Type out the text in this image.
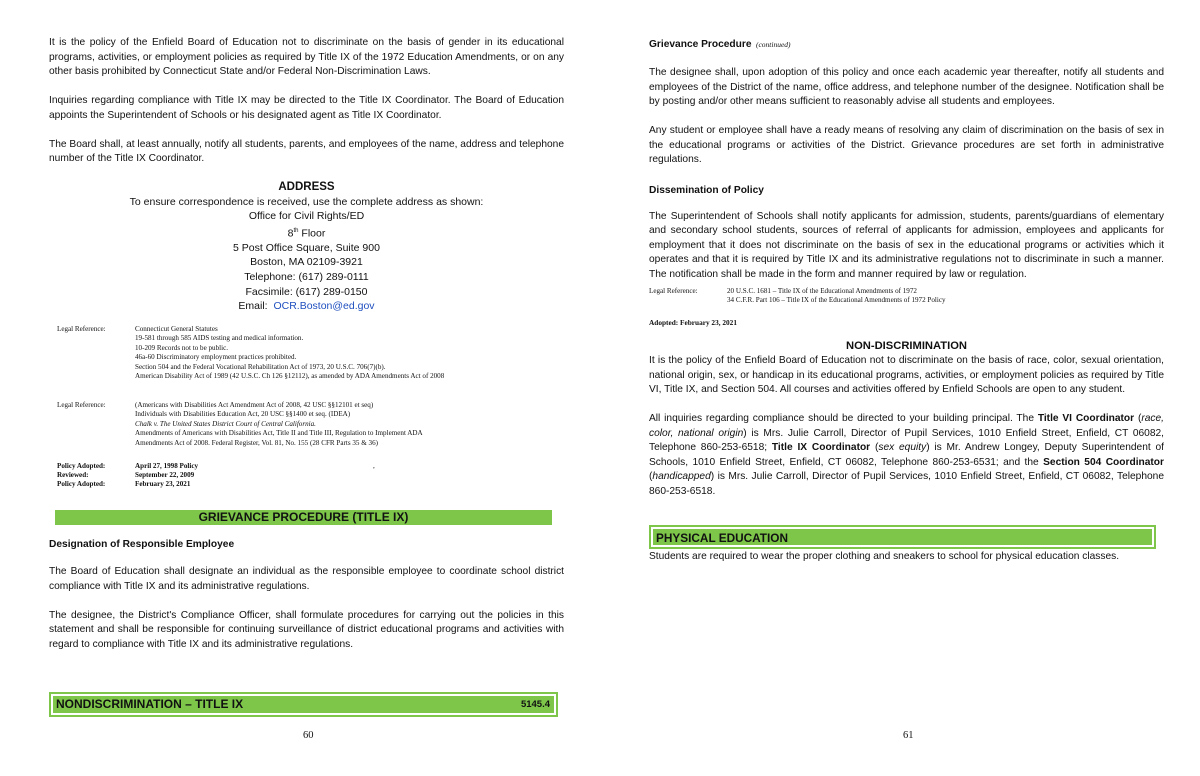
It is the policy of the Enfield Board of Education not to discriminate on the basis of gender in its educational programs, activities, or employment policies as required by Title IX of the 1972 Education Amendments, or on any other basis prohibited by Connecticut State and/or Federal Non-Discrimination Laws.

Inquiries regarding compliance with Title IX may be directed to the Title IX Coordinator. The Board of Education appoints the Superintendent of Schools or his designated agent as Title IX Coordinator.

The Board shall, at least annually, notify all students, parents, and employees of the name, address and telephone number of the Title IX Coordinator.

ADDRESS
To ensure correspondence is received, use the complete address as shown:
Office for Civil Rights/ED
8th Floor
5 Post Office Square, Suite 900
Boston, MA 02109-3921
Telephone: (617) 289-0111
Facsimile: (617) 289-0150
Email:  OCR.Boston@ed.gov
Legal Reference:	Connecticut General Statutes
19-581 through 585 AIDS testing and medical information.
10-209 Records not to be public.
46a-60 Discriminatory employment practices prohibited.
Section 504 and the Federal Vocational Rehabilitation Act of 1973, 20 U.S.C. 706(7)(b).
American Disability Act of 1989 (42 U.S.C. Ch 126 §12112), as amended by ADA Amendments Act of 2008
Legal Reference:	(Americans with Disabilities Act Amendment Act of 2008, 42 USC §§12101 et seq)
Individuals with Disabilities Education Act, 20 USC §§1400 et seq. (IDEA)
Chalk v. The United States District Court of Central California.
Amendments of Americans with Disabilities Act, Title II and Title III, Regulation to Implement ADA
Amendments Act of 2008. Federal Register, Vol. 81, No. 155 (28 CFR Parts 35 & 36)
Policy Adopted:	April 27, 1998 Policy	,
Reviewed:	September 22, 2009
Policy Adopted:	February 23, 2021
GRIEVANCE PROCEDURE (TITLE IX)
Designation of Responsible Employee

The Board of Education shall designate an individual as the responsible employee to coordinate school district compliance with Title IX and its administrative regulations.

The designee, the District's Compliance Officer, shall formulate procedures for carrying out the policies in this statement and shall be responsible for continuing surveillance of district educational programs and activities with regard to compliance with Title IX and its administrative regulations.

NONDISCRIMINATION – TITLE IX	5145.4
60
Grievance Procedure (continued)

The designee shall, upon adoption of this policy and once each academic year thereafter, notify all students and employees of the District of the name, office address, and telephone number of the designee. Notification shall be by posting and/or other means sufficient to reasonably advise all students and employees.

Any student or employee shall have a ready means of resolving any claim of discrimination on the basis of sex in the educational programs or activities of the District. Grievance procedures are set forth in administrative regulations.

Dissemination of Policy

The Superintendent of Schools shall notify applicants for admission, students, parents/guardians of elementary and secondary school students, sources of referral of applicants for admission, employees and applicants for employment that it does not discriminate on the basis of sex in the educational programs or activities which it operates and that it is required by Title IX and its administrative regulations not to discriminate in such a manner. The notification shall be made in the form and manner required by law or regulation.

Legal Reference:	20 U.S.C. 1681 – Title IX of the Educational Amendments of 1972
34 C.F.R. Part 106 – Title IX of the Educational Amendments of 1972 Policy
Adopted: February 23, 2021
NON-DISCRIMINATION

It is the policy of the Enfield Board of Education not to discriminate on the basis of race, color, sexual orientation, national origin, sex, or handicap in its educational programs, activities, or employment policies as required by Title VI, Title IX, and Section 504. All courses and activities offered by Enfield Schools are open to any student.

All inquiries regarding compliance should be directed to your building principal. The Title VI Coordinator (race, color, national origin) is Mrs. Julie Carroll, Director of Pupil Services, 1010 Enfield Street, Enfield, CT 06082, Telephone 860-253-6518; Title IX Coordinator (sex equity) is Mr. Andrew Longey, Deputy Superintendent of Schools, 1010 Enfield Street, Enfield, CT 06082, Telephone 860-253-6531; and the Section 504 Coordinator (handicapped) is Mrs. Julie Carroll, Director of Pupil Services, 1010 Enfield Street, Enfield, CT 06082, Telephone 860-253-6518.

PHYSICAL EDUCATION

Students are required to wear the proper clothing and sneakers to school for physical education classes.

61
